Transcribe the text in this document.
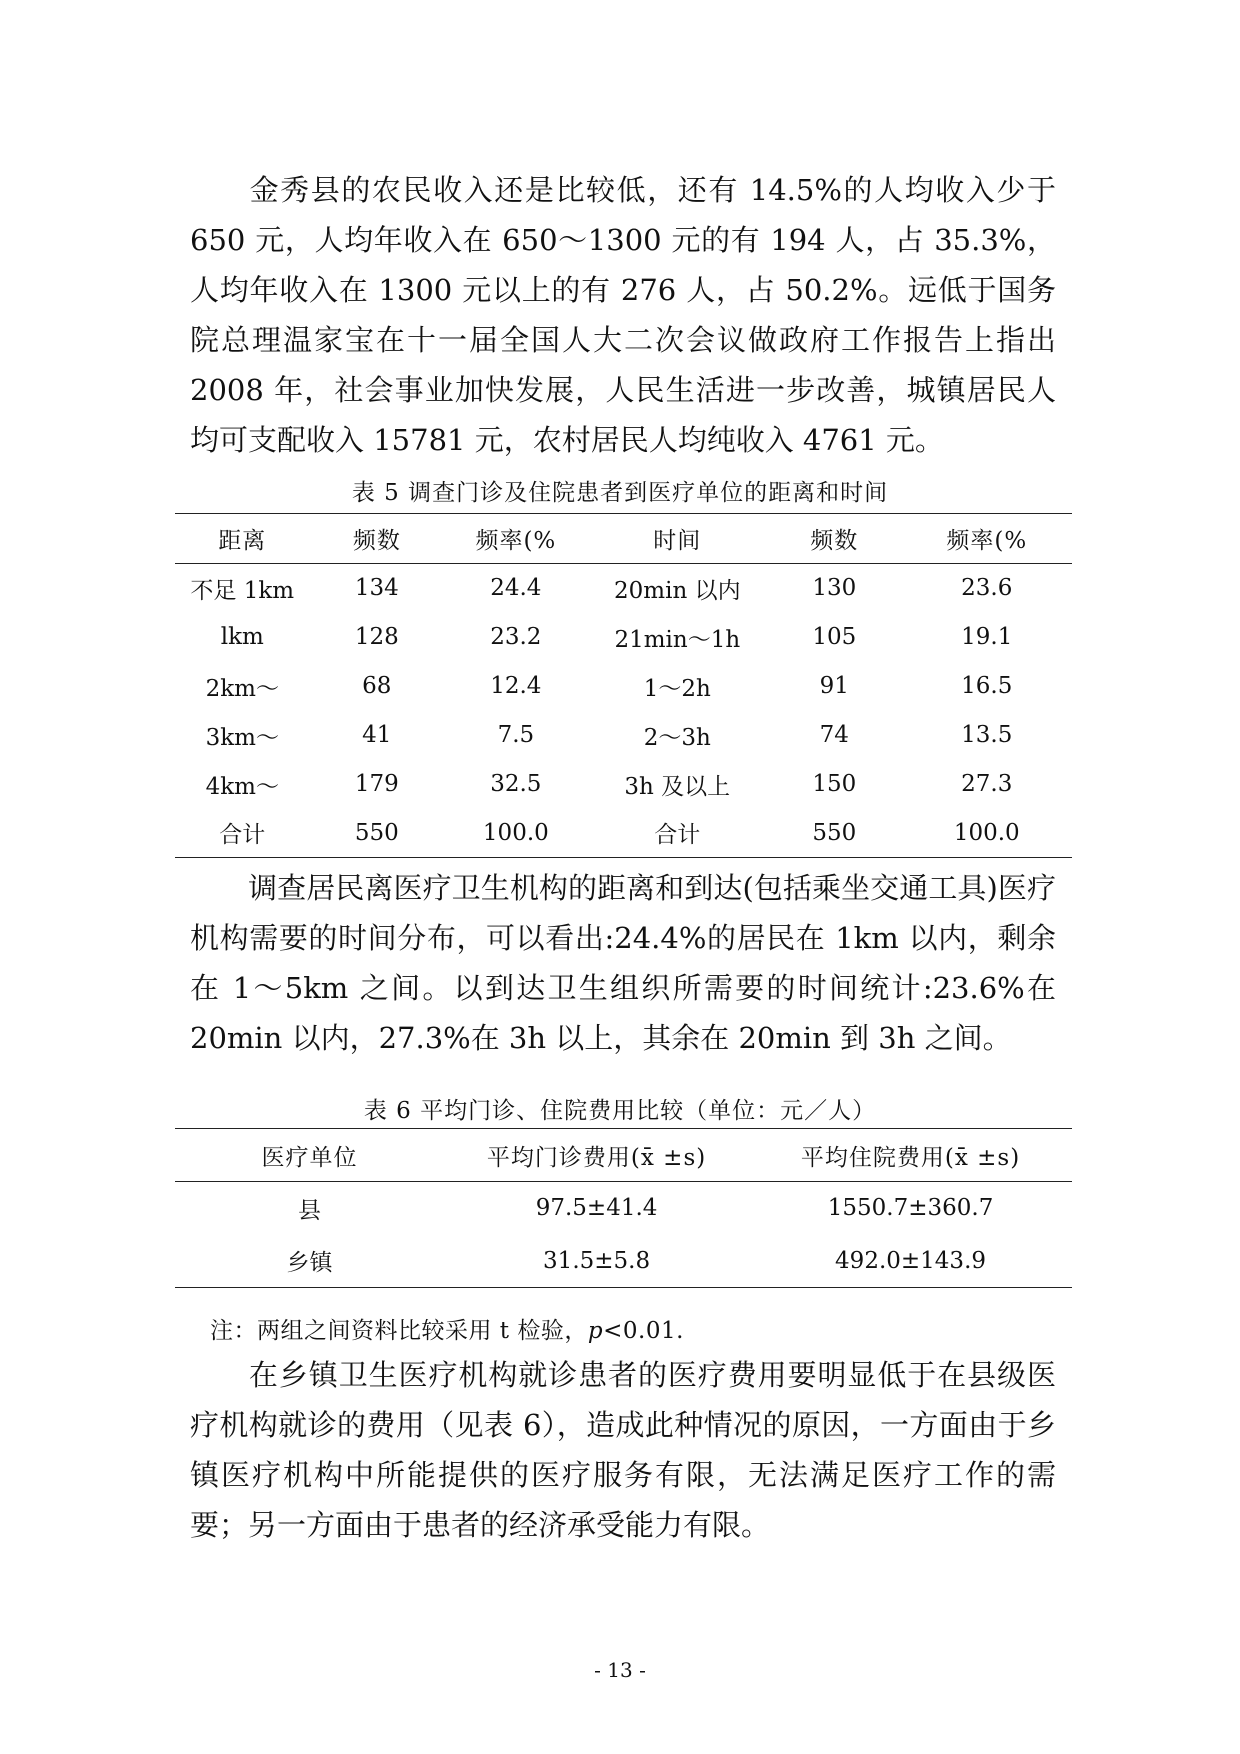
金秀县的农民收入还是比较低，还有 14.5%的人均收入少于 650 元，人均年收入在 650～1300 元的有 194 人，占 35.3%，人均年收入在 1300 元以上的有 276 人，占 50.2%。远低于国务院总理温家宝在十一届全国人大二次会议做政府工作报告上指出 2008 年，社会事业加快发展，人民生活进一步改善，城镇居民人均可支配收入 15781 元，农村居民人均纯收入 4761 元。

表 5 调查门诊及住院患者到医疗单位的距离和时间

距离	频数	频率(%	时间	频数	频率(%
不足 1km	134	24.4	20min 以内	130	23.6
lkm	128	23.2	21min～1h	105	19.1
2km～	68	12.4	1～2h	91	16.5
3km～	41	7.5	2～3h	74	13.5
4km～	179	32.5	3h 及以上	150	27.3
合计	550	100.0	合计	550	100.0

调查居民离医疗卫生机构的距离和到达(包括乘坐交通工具)医疗机构需要的时间分布，可以看出:24.4%的居民在 1km 以内，剩余在 1～5km 之间。以到达卫生组织所需要的时间统计:23.6%在 20min 以内，27.3%在 3h 以上，其余在 20min 到 3h 之间。

表 6 平均门诊、住院费用比较（单位：元／人）

医疗单位	平均门诊费用(x̄ ±s)	平均住院费用(x̄ ±s)
县	97.5±41.4	1550.7±360.7
乡镇	31.5±5.8	492.0±143.9

注：两组之间资料比较采用 t 检验，p<0.01.

在乡镇卫生医疗机构就诊患者的医疗费用要明显低于在县级医疗机构就诊的费用（见表 6），造成此种情况的原因，一方面由于乡镇医疗机构中所能提供的医疗服务有限，无法满足医疗工作的需要；另一方面由于患者的经济承受能力有限。

- 13 -
